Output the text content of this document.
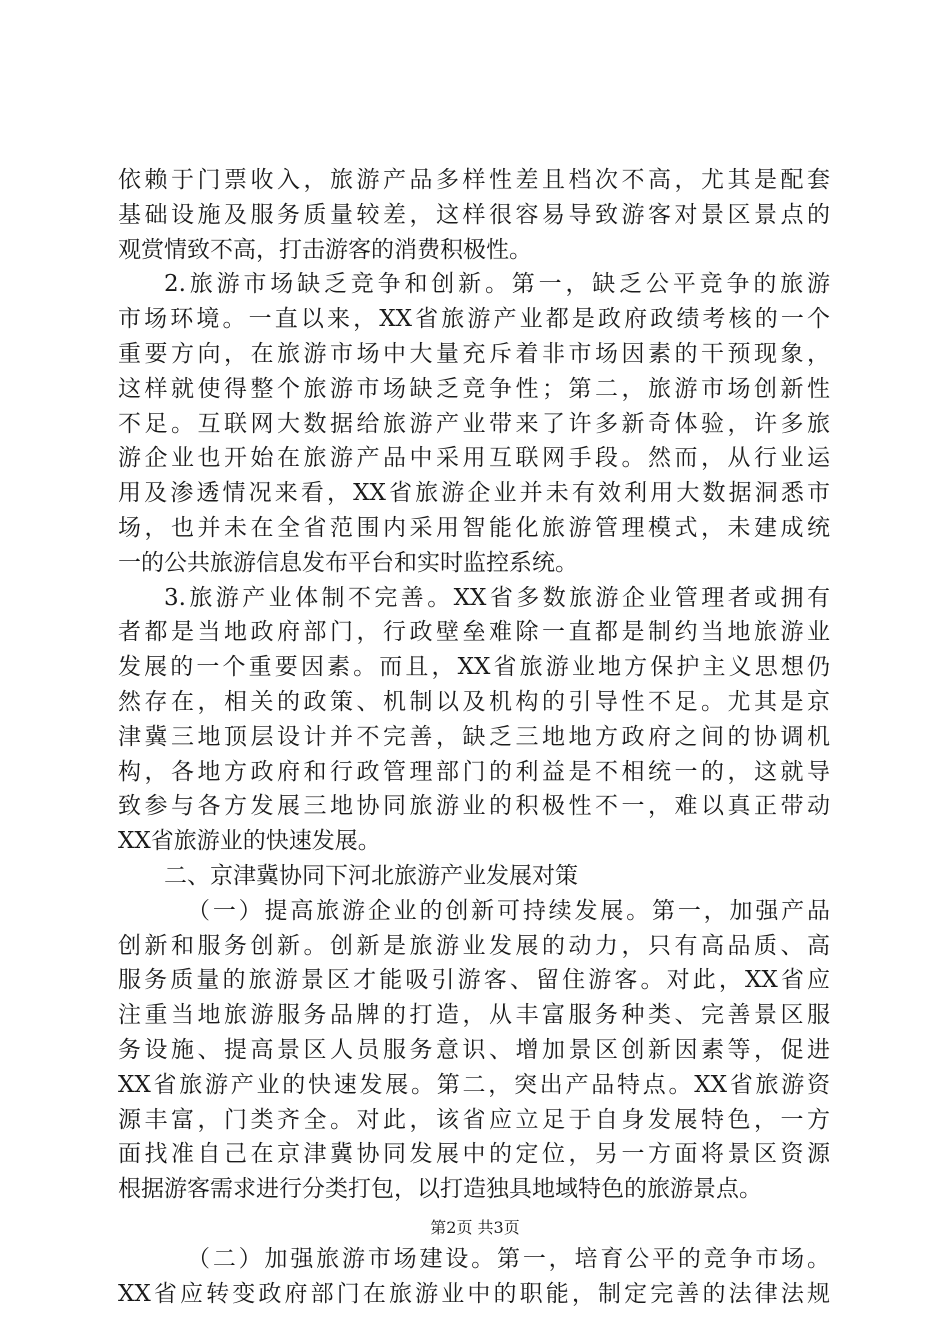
依赖于门票收入，旅游产品多样性差且档次不高，尤其是配套
基础设施及服务质量较差，这样很容易导致游客对景区景点的
观赏情致不高，打击游客的消费积极性。
2.旅游市场缺乏竞争和创新。第一，缺乏公平竞争的旅游
市场环境。一直以来，XX省旅游产业都是政府政绩考核的一个
重要方向，在旅游市场中大量充斥着非市场因素的干预现象，
这样就使得整个旅游市场缺乏竞争性；第二，旅游市场创新性
不足。互联网大数据给旅游产业带来了许多新奇体验，许多旅
游企业也开始在旅游产品中采用互联网手段。然而，从行业运
用及渗透情况来看，XX省旅游企业并未有效利用大数据洞悉市
场，也并未在全省范围内采用智能化旅游管理模式，未建成统
一的公共旅游信息发布平台和实时监控系统。
3.旅游产业体制不完善。XX省多数旅游企业管理者或拥有
者都是当地政府部门，行政壁垒难除一直都是制约当地旅游业
发展的一个重要因素。而且，XX省旅游业地方保护主义思想仍
然存在，相关的政策、机制以及机构的引导性不足。尤其是京
津冀三地顶层设计并不完善，缺乏三地地方政府之间的协调机
构，各地方政府和行政管理部门的利益是不相统一的，这就导
致参与各方发展三地协同旅游业的积极性不一，难以真正带动
XX省旅游业的快速发展。
二、京津冀协同下河北旅游产业发展对策
（一）提高旅游企业的创新可持续发展。第一，加强产品
创新和服务创新。创新是旅游业发展的动力，只有高品质、高
服务质量的旅游景区才能吸引游客、留住游客。对此，XX省应
注重当地旅游服务品牌的打造，从丰富服务种类、完善景区服
务设施、提高景区人员服务意识、增加景区创新因素等，促进
XX省旅游产业的快速发展。第二，突出产品特点。XX省旅游资
源丰富，门类齐全。对此，该省应立足于自身发展特色，一方
面找准自己在京津冀协同发展中的定位，另一方面将景区资源
根据游客需求进行分类打包，以打造独具地域特色的旅游景点。
（二）加强旅游市场建设。第一，培育公平的竞争市场。
XX省应转变政府部门在旅游业中的职能，制定完善的法律法规
第2页 共3页
